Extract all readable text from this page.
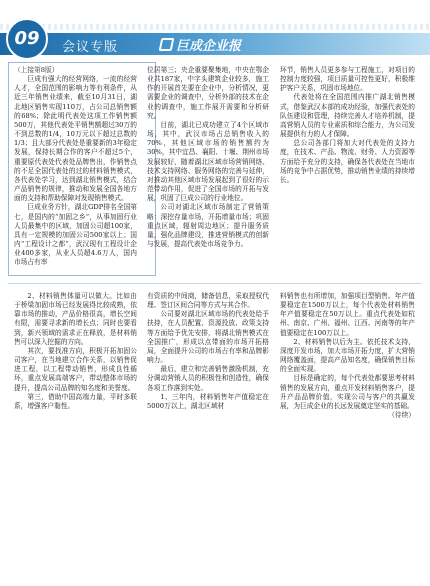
09	会议专版	巨成企业报

（上接第8版）

巨成有强大的经营网络，一流的经营人才，全国范围的影响力等有利条件，从近三年销售业绩来，截至10月31日，湖北地区销售实现110万，占公司总销售额的68%；除此明代表处这项工作销售额500万，其他代表处平销售额超过30万的不到总数的1/4，10万元以下超过总数的1/3；且大部分代表处是重要新的3年稳定发展，保持长期合作的客户不超过5个，重要原代表处代表处品牌售出，作销售点的不足全国代表处的过的材料销售模式，各代表处学习，达到湖北销售模式，结合产品销售的规律，推动和发展全国各地方面的支持和帮助保障对发现销售模式。

巨成业务方针，湖北GDP排名全国第七，是国内的“加固之乡”，从事加固行业人员最集中的区域，加固公司超100家，具有一定规模的加固公司500家以上；国内“工程设计之都”，武汉现有工程设计企业400多家，从业人员超4.6万人，国内市场占有率

位居第三；央企重要聚集地，中央在鄂企业共187家，中字头建筑企业较多，施工作的开展首先要在企业中，分析情况，更需要企业的调查中，分析外部的技术在企业的调查中，施工作展开需要和分析研究。

目前，湖北已成功建立了4个区域市场，其中，武汉市场占总销售收入的70%，其他区域市场的销售额约为30%，其中宜昌、襄阳、十堰、荆州市场发展较好，随着湖北区域市场营销网络、技术支持网络、服务网络的完善与延伸，对推动其他区域市场发展起到了很好的示范带动作用，促进了全国市场的开拓与发展，巩固了巨成公司的行业地位。

公司对湖北区域市场制定了营销策略：深挖存量市场，开拓增量市场；巩固重点区域，辐射周边地区；提升服务质量，强化品牌建设，推进营销模式的创新与发展，提高代表处市场竞争力。

环节，销售人员更多参与工程施工，对项目的控制力度较强，项目质量可控性更好，积极维护客户关系，巩固市场地位。

代表处将在全国范围内推广湖北销售模式，借鉴武汉本部的成功经验，加强代表处的队伍建设和管理，持续完善人才培养机制，提高营销人员的专业素质和综合能力，为公司发展提供有力的人才保障。

总公司各部门将加大对代表处的支持力度，在技术、产品、物流、财务、人力资源等方面给予充分的支持，确保各代表处在当地市场的竞争中占据优势，推动销售业绩的持续增长。

2、材料销售体量可以做大。比如由于桥梁加固市场已经发展得比较成熟，依靠市场的推动，产品价格很高，增长空间有限，需要寻求新的增长点；同时也要看到，新兴领域的需求正在释放，是材料销售可以深入挖掘的方向。

其次，要找准方向，积极开拓加固公司客户，在当地建立合作关系，以销售促进工程，以工程带动销售，形成良性循环，重点发展高端客户，带动整体市场的提升，提高公司品牌的知名度和美誉度。

第三，借助中国高端力量，平时多联系，增强客户黏性。

有资质的中间商，储备信息，采取授权代理、签订区间合同等方式与其合作。

公司要对湖北区域市场的代表处给予扶持，在人员配置、资源投放、政策支持等方面给予优先安排，将湖北销售模式在全国推广，形成以点带面的市场开拓格局，全面提升公司的市场占有率和品牌影响力。

最后，建立和完善销售激励机制，充分调动营销人员的积极性和创造性，确保各项工作落到实处。

1、三年内，材料销售年产值稳定在5000万以上，湖北区域材

料销售也有所增加，加强项目型销售。年产值要稳定在1500万以上，每个代表处材料销售年产值要稳定在50万以上。重点代表处如杭州、南京、广州、福州、江西、河南等的年产值要稳定在100万以上。

2、材料销售以后为主。依托技术支持，深度开发市场，加大市场开拓力度，扩大营销网络覆盖面，提高产品知名度，确保销售目标的全面实现。

目标是确定的，每个代表处都要思考材料销售的发展方向，重点开发材料销售客户，提升产品品牌价值，实现公司与客户的共赢发展，为巨成企业的长远发展奠定坚实的基础。

（待续）
